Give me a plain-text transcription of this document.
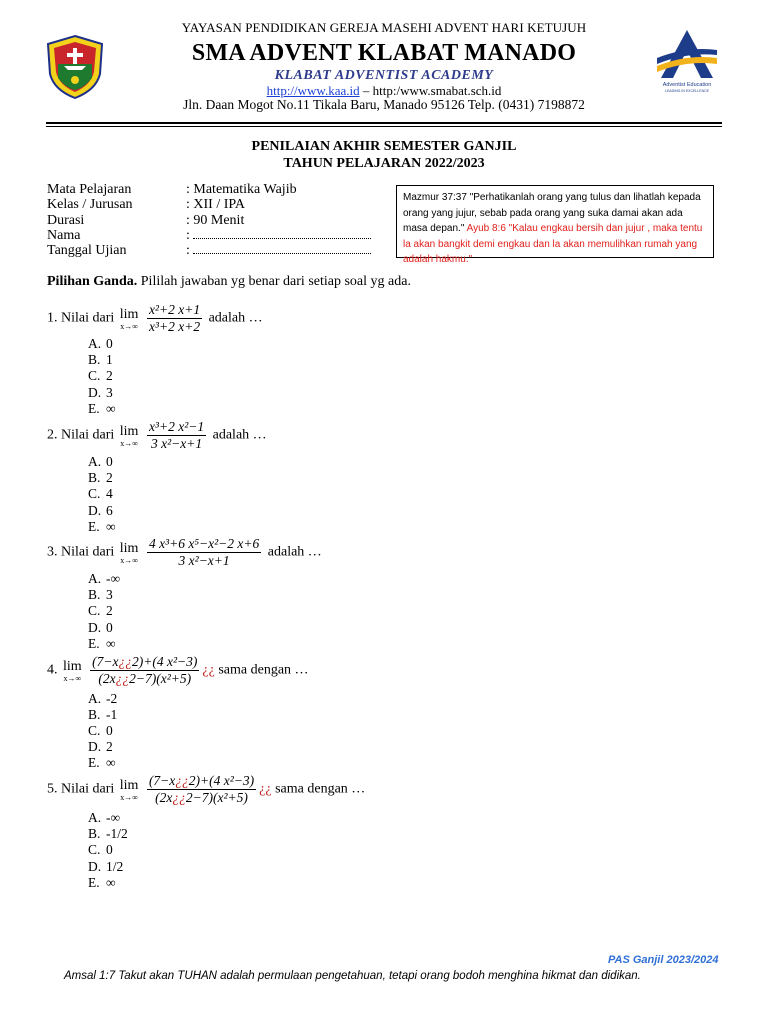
Adventist Education
LEADING IN EXCELLENCE
YAYASAN PENDIDIKAN GEREJA MASEHI ADVENT HARI KETUJUH
SMA ADVENT KLABAT MANADO
KLABAT ADVENTIST ACADEMY
http://www.kaa.id – http:/www.smabat.sch.id
Jln. Daan Mogot No.11 Tikala Baru, Manado 95126 Telp. (0431) 7198872
PENILAIAN AKHIR SEMESTER GANJIL
TAHUN PELAJARAN 2022/2023
Mata Pelajaran	: Matematika Wajib
Kelas / Jurusan	: XII / IPA
Durasi	: 90 Menit
Nama	:
Tanggal Ujian	:
Mazmur 37:37 "Perhatikanlah orang yang tulus dan lihatlah kepada orang yang jujur, sebab pada orang yang suka damai akan ada masa depan." Ayub 8:6 "Kalau engkau bersih dan jujur , maka tentu la akan bangkit demi engkau dan la akan memulihkan rumah yang adalah hakmu."
Pilihan Ganda. Pililah jawaban yg benar dari setiap soal yg ada.
1. Nilai dari lim
x→∞
$\frac{\text{x²+2 x+1}}{\text{x³+2 x+2}}$ adalah …
A. 0
B. 1
C. 2
D. 3
E. ∞
2. Nilai dari lim
x→∞
$\frac{\text{x³+2 x²−1}}{\text{3 x²−x+1}}$ adalah …
A. 0
B. 2
C. 4
D. 6
E. ∞
3. Nilai dari lim
x→∞
$\frac{\text{4 x³+6 x⁵−x²−2 x+6}}{\text{3 x²−x+1}}$ adalah …
A. -∞
B. 3
C. 2
D. 0
E. ∞
4. lim
x→∞
$\frac{\text{(7−x¿¿2)+(4 x²−3)}}{\text{(2x¿¿2−7)(x²+5)}}$ ¿¿ sama dengan …
A. -2
B. -1
C. 0
D. 2
E. ∞
5. Nilai dari lim
x→∞
$\frac{\text{(7−x¿¿2)+(4 x²−3)}}{\text{(2x¿¿2−7)(x²+5)}}$ ¿¿ sama dengan …
A. -∞
B. -1/2
C. 0
D. 1/2
E. ∞
PAS Ganjil 2023/2024
Amsal 1:7 Takut akan TUHAN adalah permulaan pengetahuan, tetapi orang bodoh menghina hikmat dan didikan.
